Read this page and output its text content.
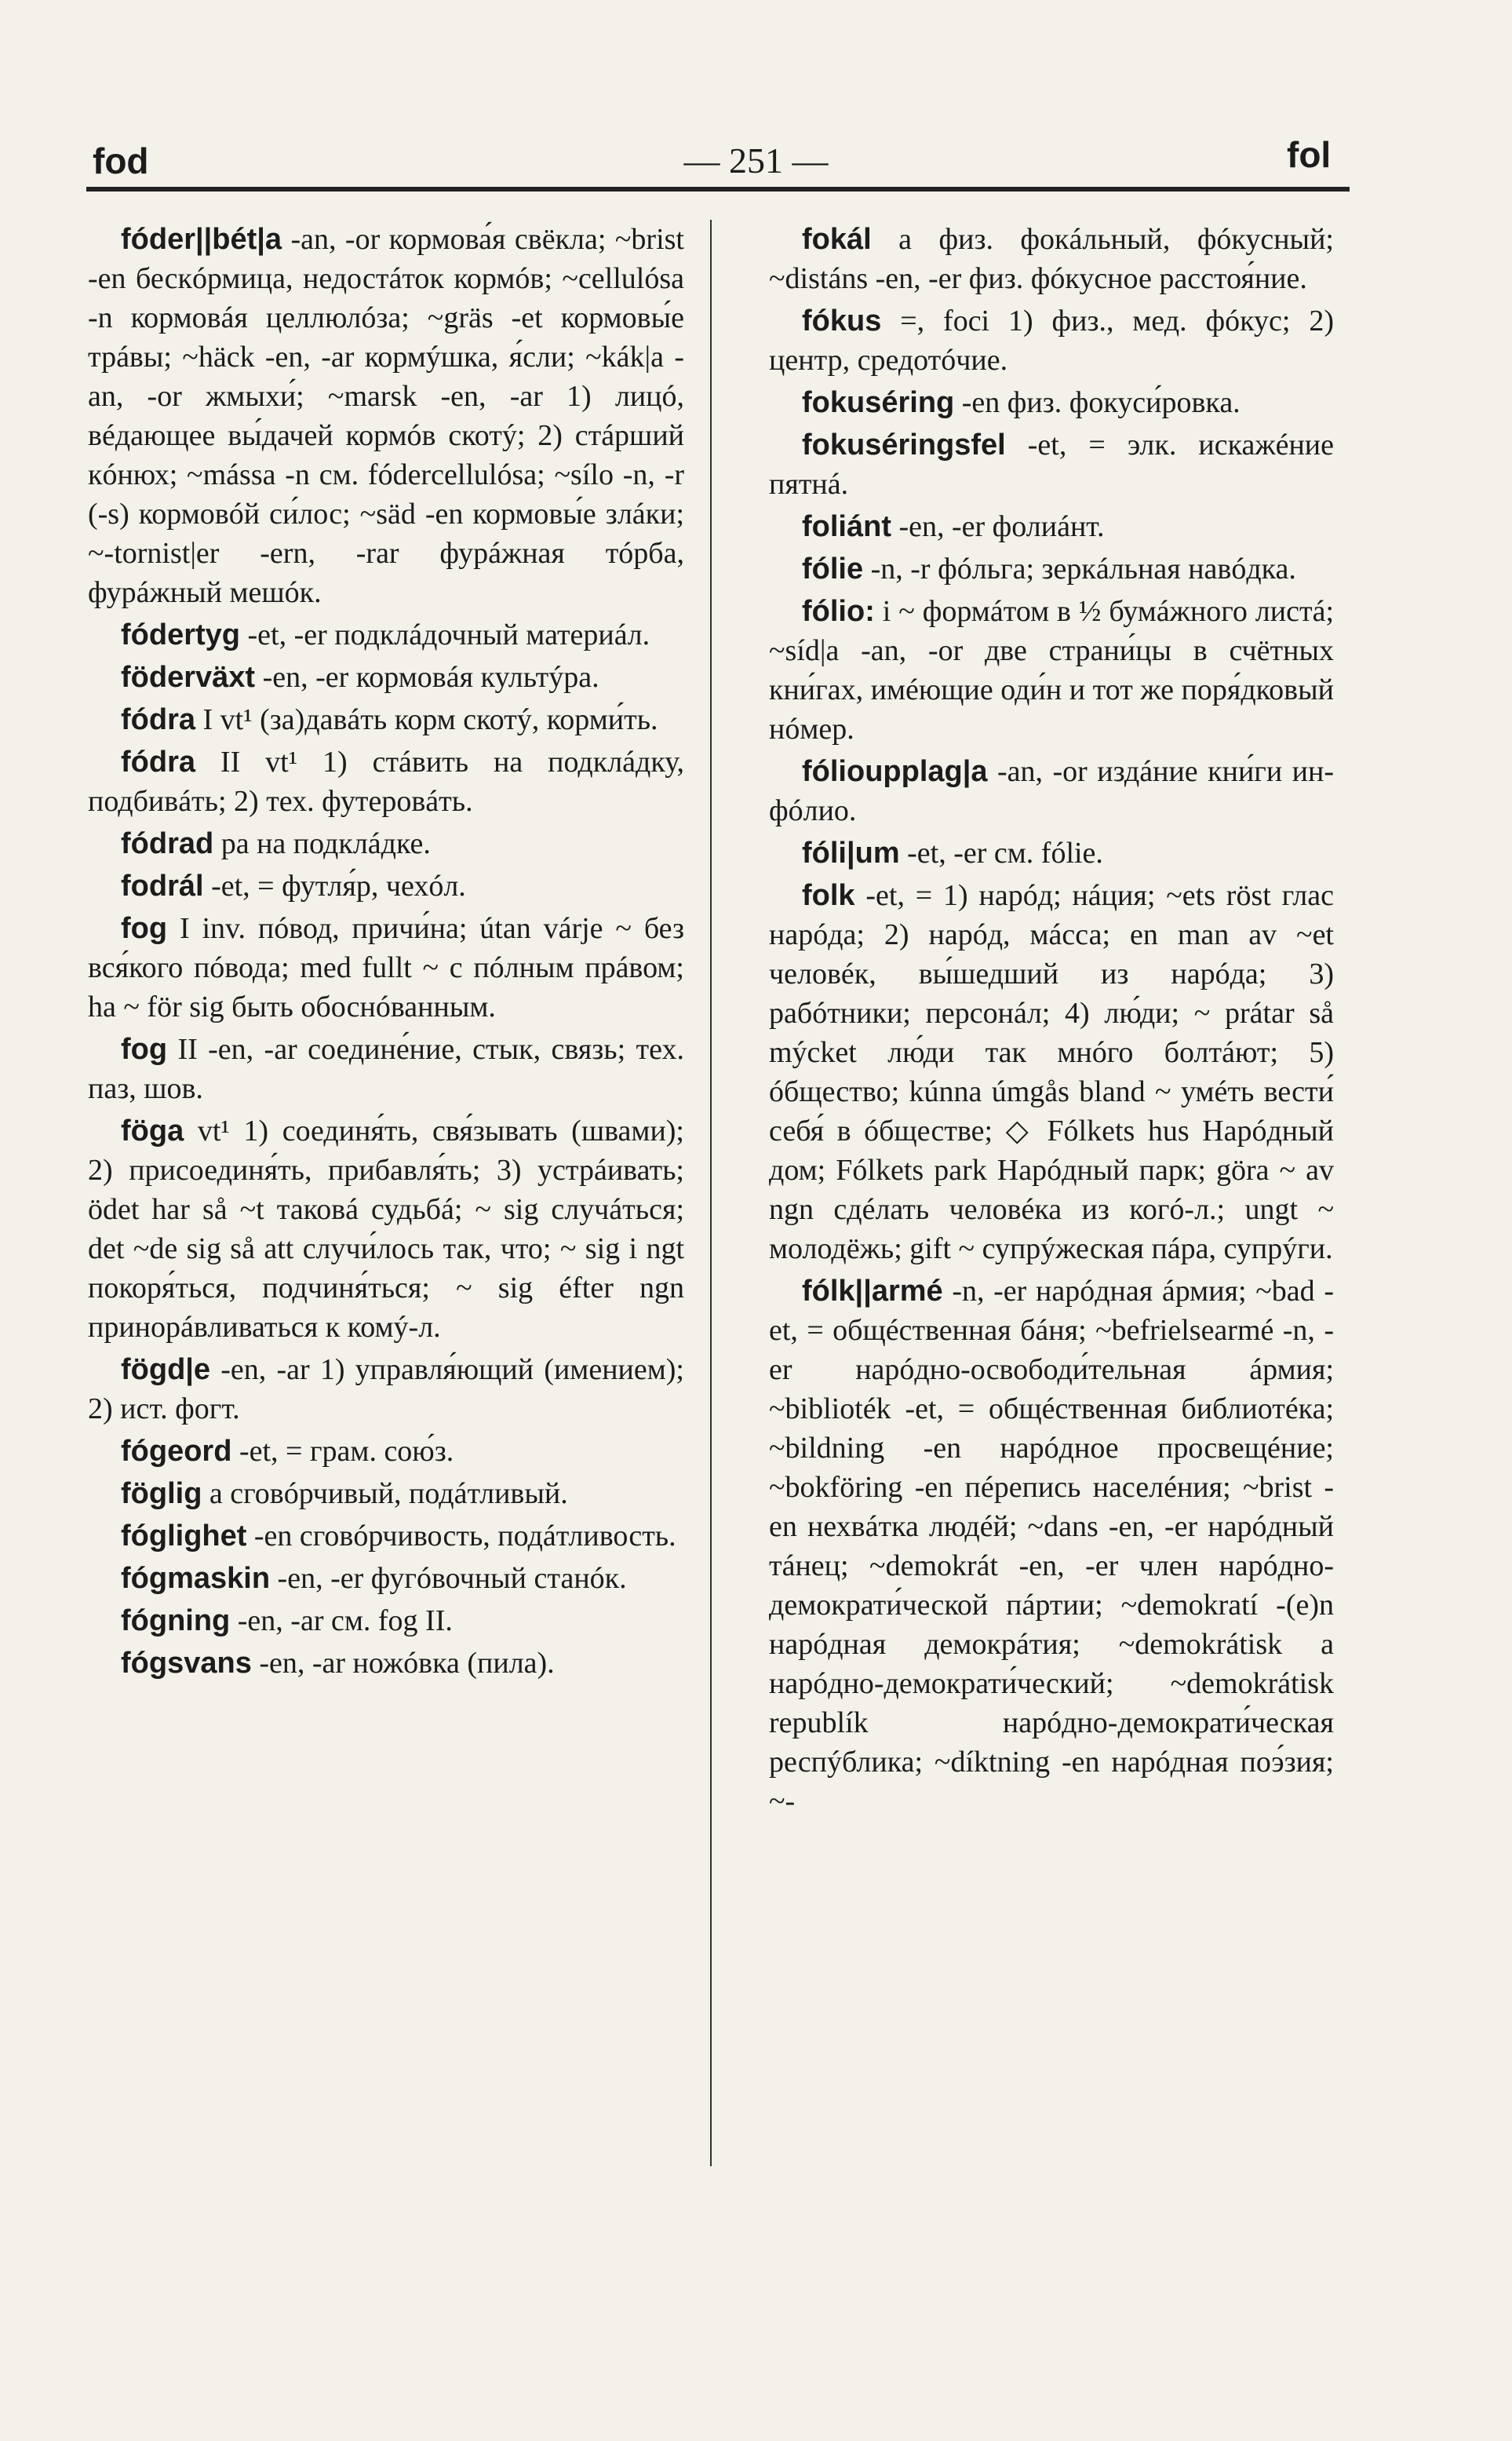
fod	— 251 —	fol

fóder||bét|a -an, -or кормова́я свёкла; ~brist -en бескóрмица, недостáток кормóв; ~cellulósa -n кормовáя целлюлóза; ~gräs -et кормовы́е трáвы; ~häck -en, -ar кормýшка, я́сли; ~kák|a -an, -or жмыхи́; ~marsk -en, -ar 1) лицó, вéдающее вы́дачей кормóв скотý; 2) стáрший кóнюх; ~mássa -n см. fódercellulósa; ~sílo -n, -r (-s) кормовóй си́лос; ~säd -en кормовы́е злáки; ~-tornist|er -ern, -rar фурáжная тóрба, фурáжный мешóк.

fódertyg -et, -er подклáдочный материáл.

föderväxt -en, -er кормовáя культýра.

fódra I vt¹ (за)давáть корм скотý, корми́ть.

fódra II vt¹ 1) стáвить на подклáдку, подбивáть; 2) тех. футеровáть.

fódrad pa на подклáдке.

fodrál -et, = футля́р, чехóл.

fog I inv. пóвод, причи́на; útan várje ~ без вся́кого пóвода; med fullt ~ с пóлным прáвом; ha ~ för sig быть обоснóванным.

fog II -en, -ar соедине́ние, стык, связь; тех. паз, шов.

föga vt¹ 1) соединя́ть, свя́зывать (швами); 2) присоединя́ть, прибавля́ть; 3) устрáивать; ödet har så ~t таковá судьбá; ~ sig случáться; det ~de sig så att случи́лось так, что; ~ sig i ngt покоря́ться, подчиня́ться; ~ sig éfter ngn принорáвливаться к комý-л.

fögd|e -en, -ar 1) управля́ющий (имением); 2) ист. фогт.

fógeord -et, = грам. сою́з.

föglig a сговóрчивый, подáтливый.

fóglighet -en сговóрчивость, подáтливость.

fógmaskin -en, -er фугóвочный станóк.

fógning -en, -ar см. fog II.

fógsvans -en, -ar ножóвка (пила).

fokál a физ. фокáльный, фóкусный; ~distáns -en, -er физ. фóкусное расстоя́ние.

fókus =, foci 1) физ., мед. фóкус; 2) центр, средотóчие.

fokuséring -en физ. фокуси́ровка.

fokuséringsfel -et, = элк. искажéние пятнá.

foliánt -en, -er фолиáнт.

fólie -n, -r фóльга; зеркáльная навóдка.

fólio: i ~ формáтом в ½ бумáжного листá; ~síd|a -an, -or две страни́цы в счётных кни́гах, имéющие оди́н и тот же поря́дковый нóмер.

fólioupplag|a -an, -or издáние кни́ги ин-фóлио.

fóli|um -et, -er см. fólie.

folk -et, = 1) нарóд; нáция; ~ets röst глас нарóда; 2) нарóд, мáсса; en man av ~et человéк, вы́шедший из нарóда; 3) рабóтники; персонáл; 4) лю́ди; ~ prátar så mýcket лю́ди так мнóго болтáют; 5) óбщество; kúnna úmgås bland ~ умéть вести́ себя́ в óбществе; ◇ Fólkets hus Нарóдный дом; Fólkets park Нарóдный парк; göra ~ av ngn сдéлать человéка из когó-л.; ungt ~ молодёжь; gift ~ супрýжеская пáра, супрýги.

fólk||armé -n, -er нарóдная áрмия; ~bad -et, = общéственная бáня; ~befrielsearmé -n, -er нарóдно-освободи́тельная áрмия; ~biblioték -et, = общéственная библиотéка; ~bildning -en нарóдное просвещéние; ~bokföring -en пéрепись населéния; ~brist -en нехвáтка людéй; ~dans -en, -er нарóдный тáнец; ~demokrát -en, -er член нарóдно-демократи́ческой пáртии; ~demokratí -(e)n нарóдная демокрáтия; ~demokrátisk a нарóдно-демократи́ческий; ~demokrátisk republík нарóдно-демократи́ческая респýблика; ~díktning -en нарóдная поэ́зия; ~-
